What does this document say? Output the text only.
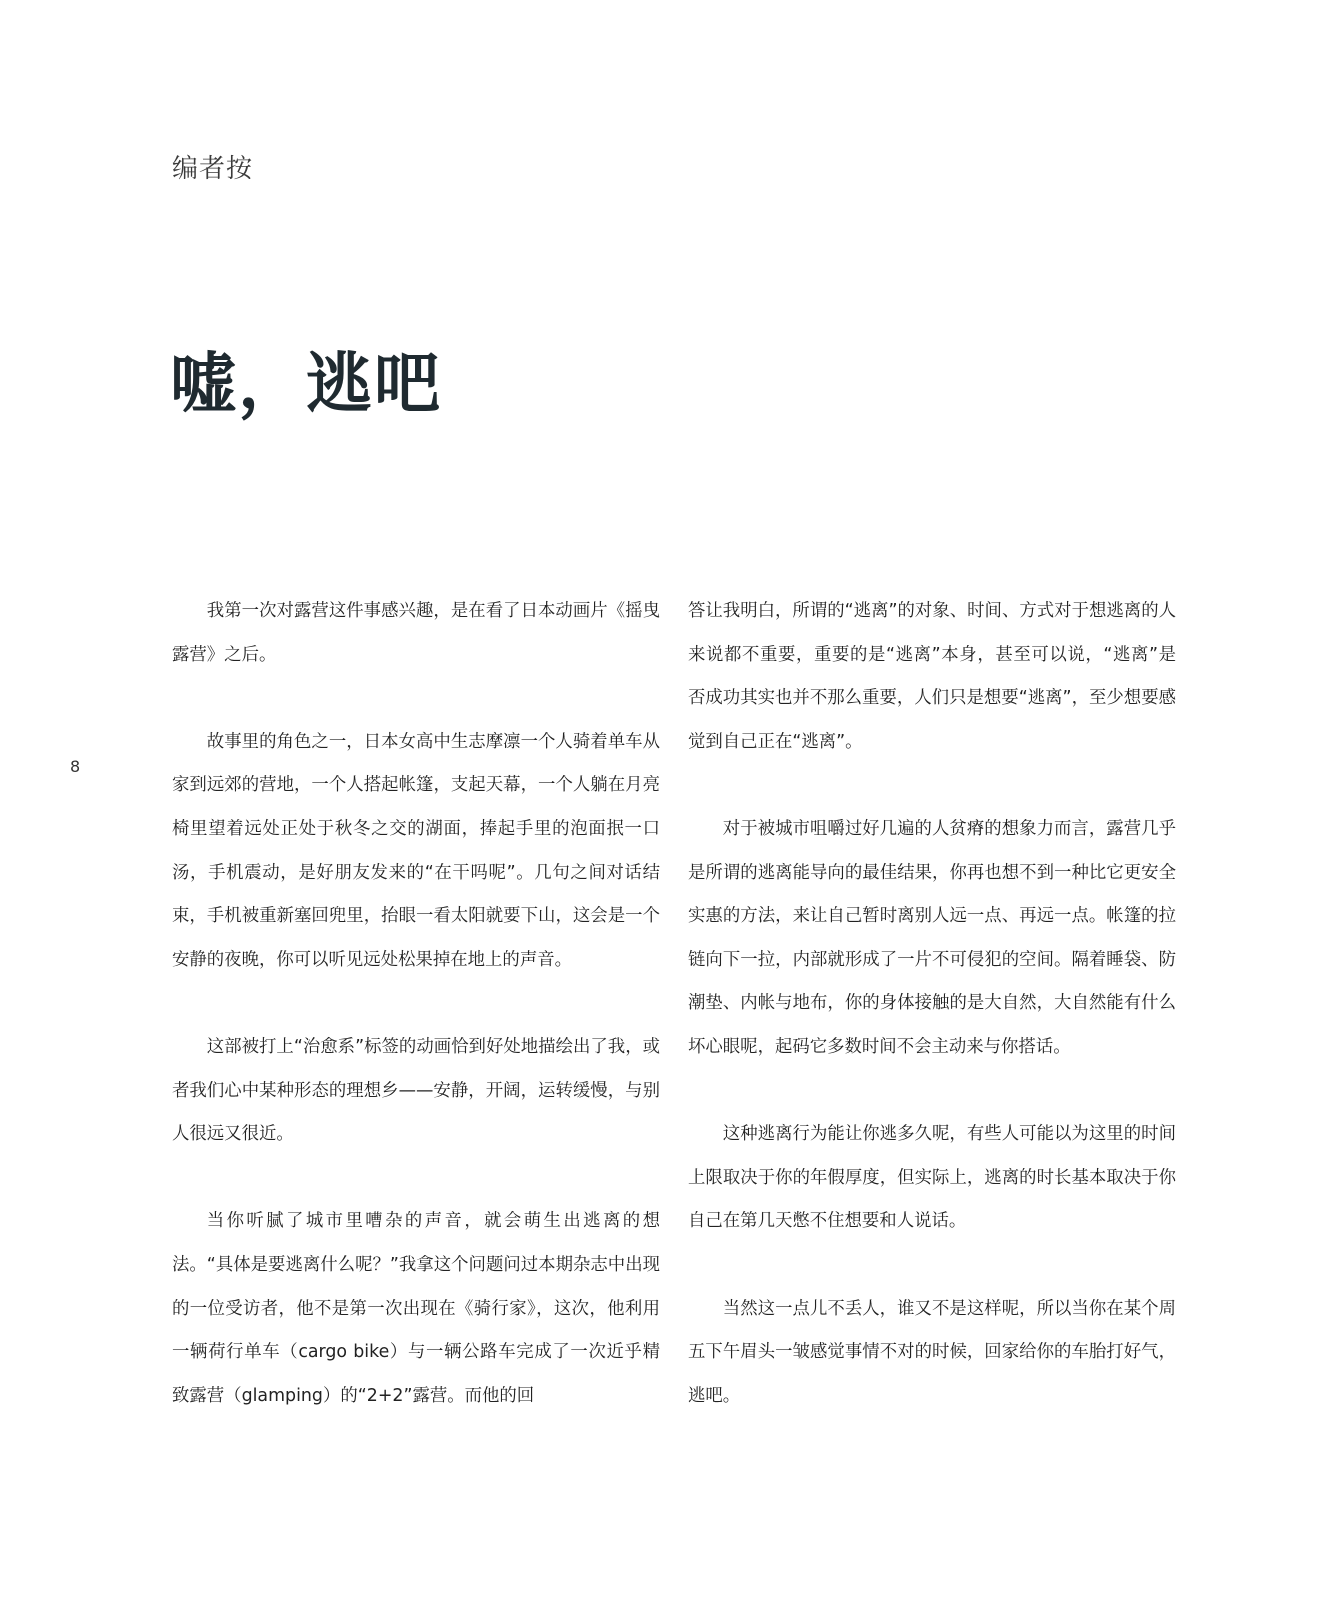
编者按
嘘，逃吧
8

我第一次对露营这件事感兴趣，是在看了日本动画片《摇曳露营》之后。

故事里的角色之一，日本女高中生志摩凛一个人骑着单车从家到远郊的营地，一个人搭起帐篷，支起天幕，一个人躺在月亮椅里望着远处正处于秋冬之交的湖面，捧起手里的泡面抿一口汤，手机震动，是好朋友发来的“在干吗呢”。几句之间对话结束，手机被重新塞回兜里，抬眼一看太阳就要下山，这会是一个安静的夜晚，你可以听见远处松果掉在地上的声音。

这部被打上“治愈系”标签的动画恰到好处地描绘出了我，或者我们心中某种形态的理想乡——安静，开阔，运转缓慢，与别人很远又很近。

当你听腻了城市里嘈杂的声音，就会萌生出逃离的想法。“具体是要逃离什么呢？”我拿这个问题问过本期杂志中出现的一位受访者，他不是第一次出现在《骑行家》，这次，他利用一辆荷行单车（cargo bike）与一辆公路车完成了一次近乎精致露营（glamping）的“2+2”露营。而他的回

答让我明白，所谓的“逃离”的对象、时间、方式对于想逃离的人来说都不重要，重要的是“逃离”本身，甚至可以说，“逃离”是否成功其实也并不那么重要，人们只是想要“逃离”，至少想要感觉到自己正在“逃离”。

对于被城市咀嚼过好几遍的人贫瘠的想象力而言，露营几乎是所谓的逃离能导向的最佳结果，你再也想不到一种比它更安全实惠的方法，来让自己暂时离别人远一点、再远一点。帐篷的拉链向下一拉，内部就形成了一片不可侵犯的空间。隔着睡袋、防潮垫、内帐与地布，你的身体接触的是大自然，大自然能有什么坏心眼呢，起码它多数时间不会主动来与你搭话。

这种逃离行为能让你逃多久呢，有些人可能以为这里的时间上限取决于你的年假厚度，但实际上，逃离的时长基本取决于你自己在第几天憋不住想要和人说话。

当然这一点儿不丢人，谁又不是这样呢，所以当你在某个周五下午眉头一皱感觉事情不对的时候，回家给你的车胎打好气，逃吧。
